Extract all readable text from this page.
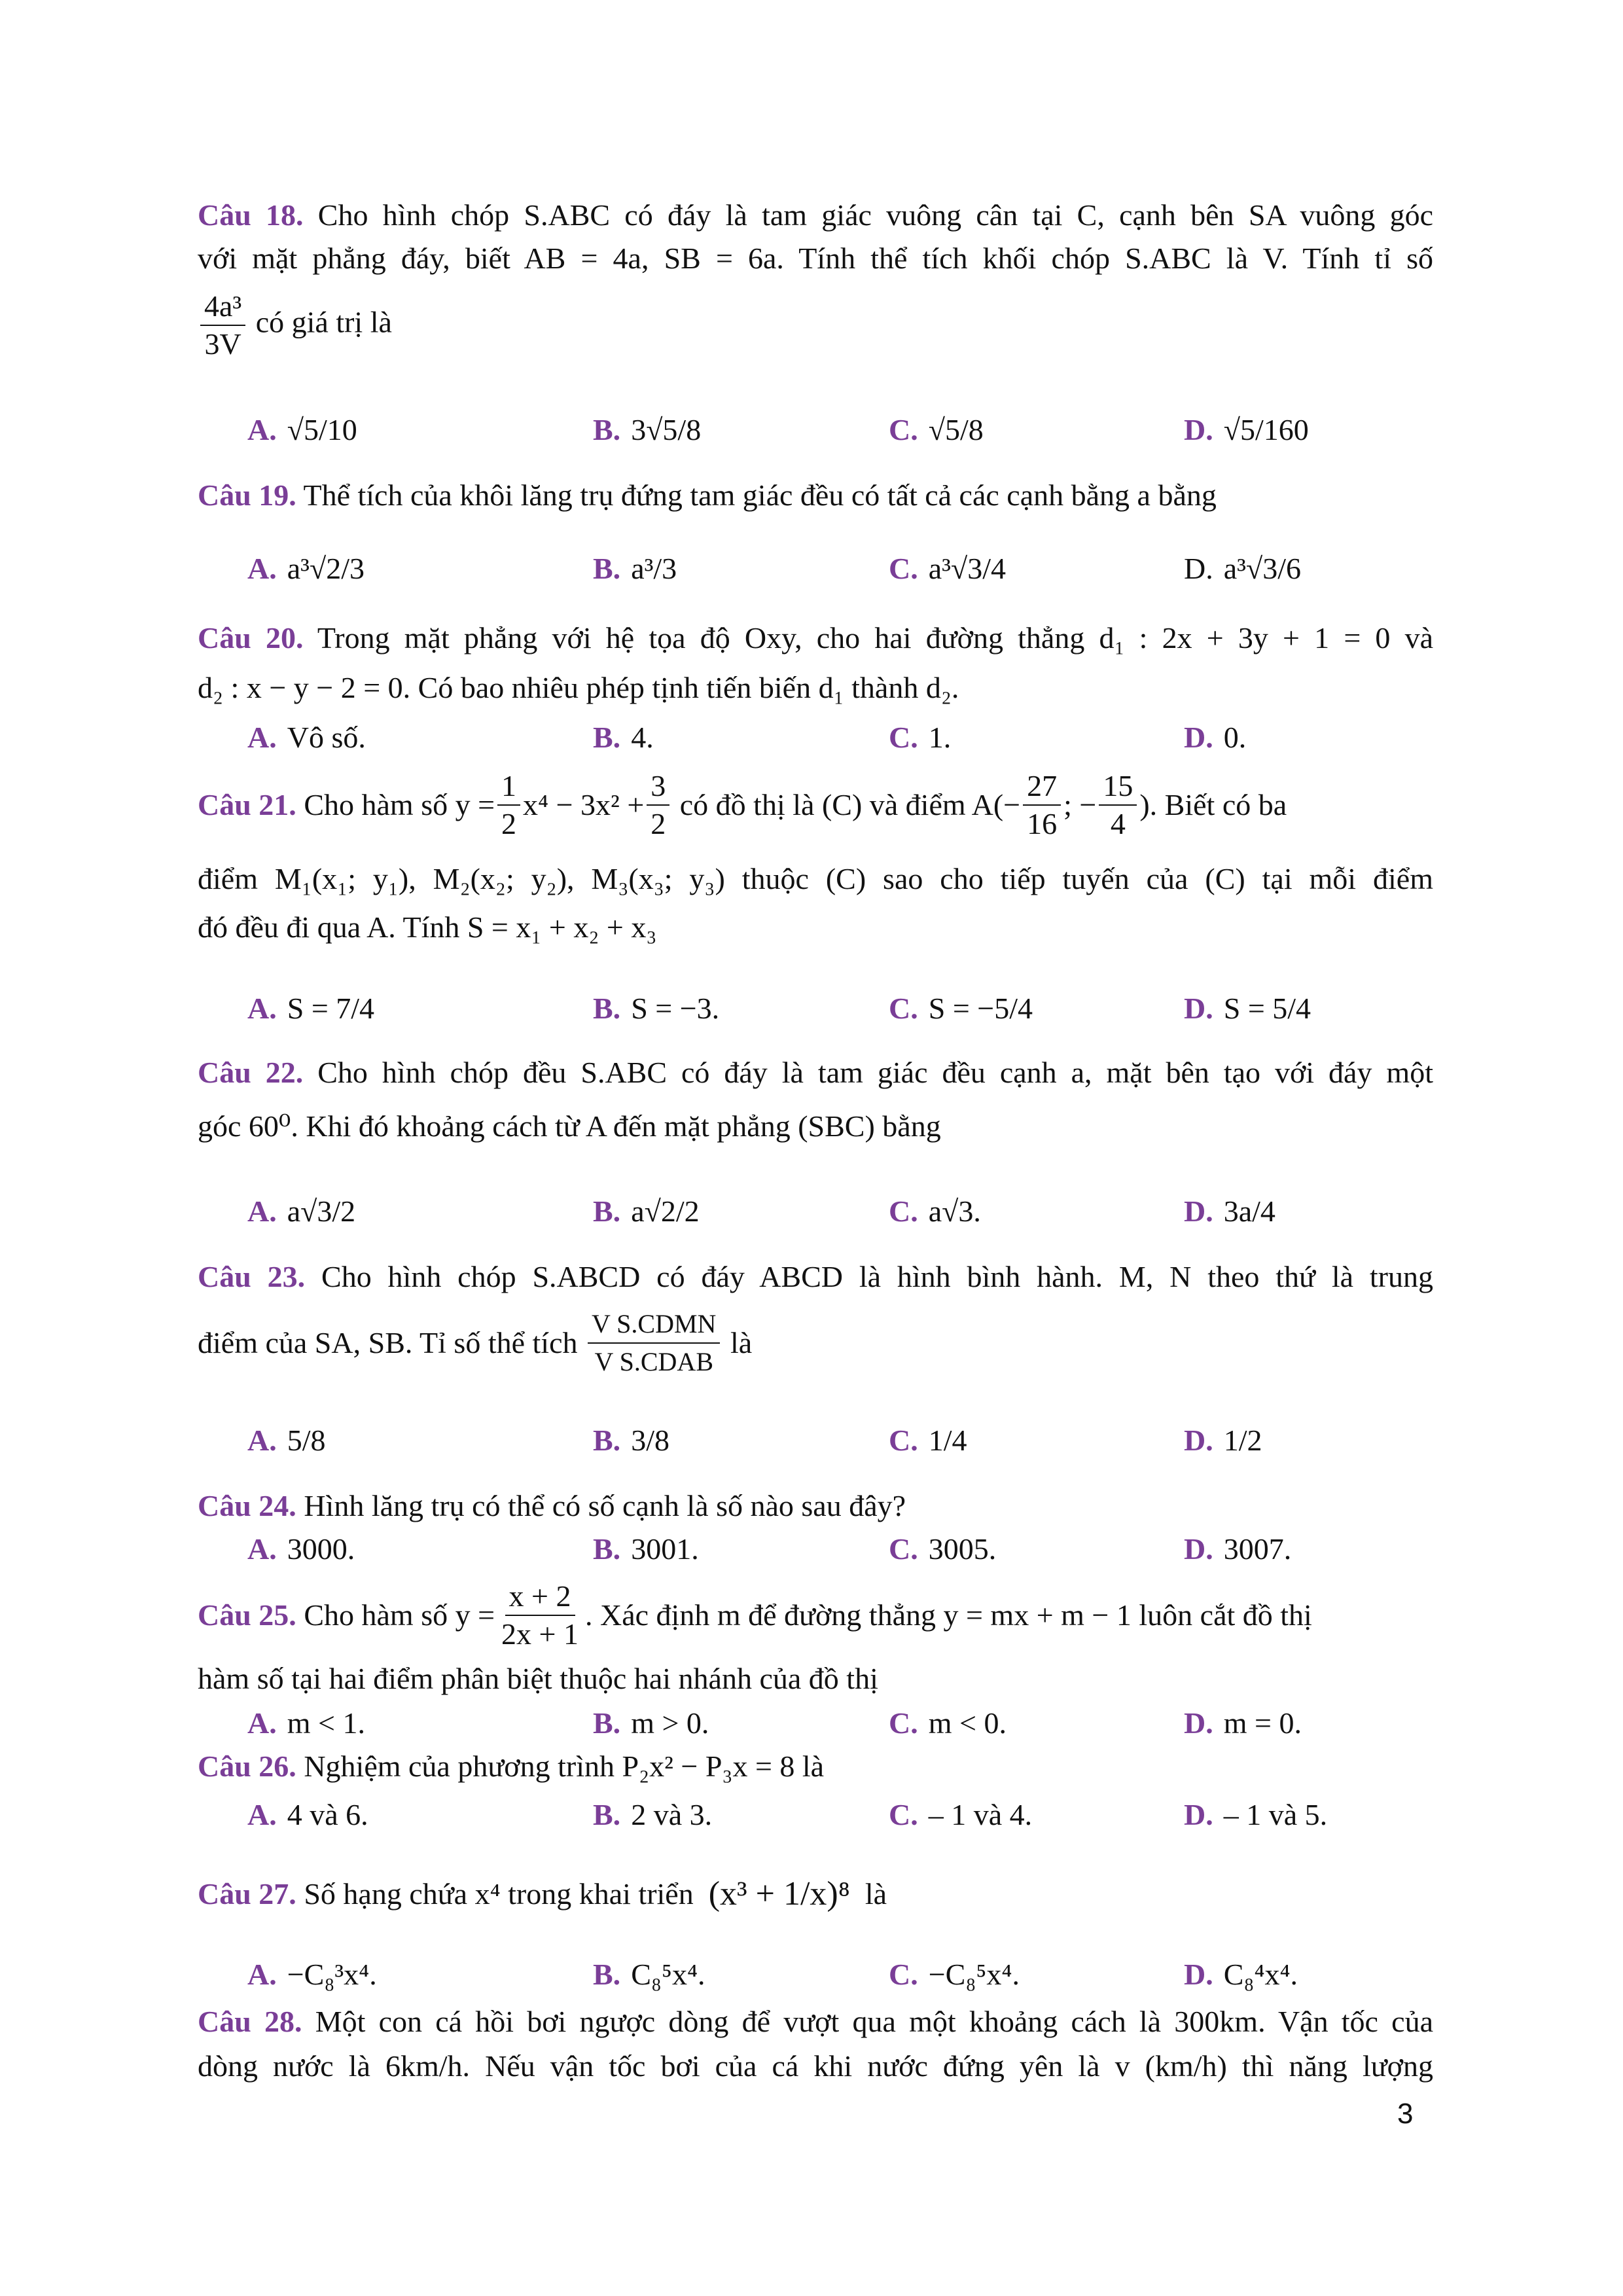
Câu 18. Cho hình chóp S.ABC có đáy là tam giác vuông cân tại C, cạnh bên SA vuông góc
với mặt phẳng đáy, biết AB = 4a, SB = 6a. Tính thể tích khối chóp S.ABC là V. Tính tỉ số
$\frac{\text{4a³}}{3V}$ có giá trị là
A. √5/10	B. 3√5/8	C. √5/8	D. √5/160
Câu 19. Thể tích của khôi lăng trụ đứng tam giác đều có tất cả các cạnh bằng a bằng
A. a³√2/3	B. a³/3	C. a³√3/4	D. a³√3/6
Câu 20. Trong mặt phẳng với hệ tọa độ Oxy, cho hai đường thẳng d₁ : 2x + 3y + 1 = 0 và
d₂ : x − y − 2 = 0. Có bao nhiêu phép tịnh tiến biến d₁ thành d₂.
A. Vô số.	B. 4.	C. 1.	D. 0.
Câu 21.
Cho hàm số $y = \frac{1}{2} x^4 - 3x^2 + \frac{3}{2}$
có đồ thị là (C) và điểm $A(- \frac{27}{16}$ ; − $\frac{15}{4}$ ). Biết có ba
điểm M₁(x₁; y₁), M₂(x₂; y₂), M₃(x₃; y₃) thuộc (C) sao cho tiếp tuyến của (C) tại mỗi điểm
đó đều đi qua A. Tính S = x₁ + x₂ + x₃
A. S = 7/4	B. S = −3.	C. S = −5/4	D. S = 5/4
Câu 22. Cho hình chóp đều S.ABC có đáy là tam giác đều cạnh a, mặt bên tạo với đáy một
góc 60⁰. Khi đó khoảng cách từ A đến mặt phẳng (SBC) bằng
A. a√3/2	B. a√2/2	C. a√3.	D. 3a/4
Câu 23. Cho hình chóp S.ABCD có đáy ABCD là hình bình hành. M, N theo thứ là trung
điểm của SA, SB. Tỉ số thể tích
$\frac{\text{V S.CDMN}}{\text{V S.CDAB}}$
là
A. 5/8	B. 3/8	C. 1/4	D. 1/2
Câu 24. Hình lăng trụ có thể có số cạnh là số nào sau đây?
A. 3000.	B. 3001.	C. 3005.	D. 3007.
Câu 25.
Cho hàm số $y = \frac{x + 2}{2x + 1}$ . Xác định m để đường thẳng y = mx + m − 1 luôn cắt đồ thị
hàm số tại hai điểm phân biệt thuộc hai nhánh của đồ thị
A. m < 1.	B. m > 0.	C. m < 0.	D. m = 0.
Câu 26. Nghiệm của phương trình P₂x² − P₃x = 8 là
A. 4 và 6.	B. 2 và 3.	C. – 1 và 4.	D. – 1 và 5.
Câu 27.
Số hạng chứa x⁴ trong khai triển
(x³ + 1/x)⁸
là
A. −C₈³x⁴.	B. C₈⁵x⁴.	C. −C₈⁵x⁴.	D. C₈⁴x⁴.
Câu 28. Một con cá hồi bơi ngược dòng để vượt qua một khoảng cách là 300km. Vận tốc của
dòng nước là 6km/h. Nếu vận tốc bơi của cá khi nước đứng yên là v (km/h) thì năng lượng
3
